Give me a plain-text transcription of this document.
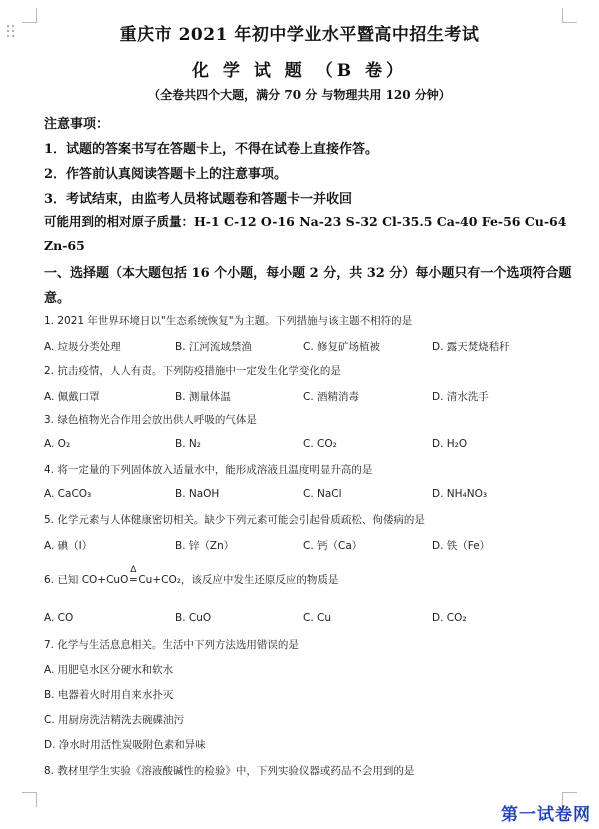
重庆市 2021 年初中学业水平暨高中招生考试
化 学 试 题 （B 卷）
（全卷共四个大题，满分 70 分 与物理共用 120 分钟）
注意事项：
1．试题的答案书写在答题卡上，不得在试卷上直接作答。
2．作答前认真阅读答题卡上的注意事项。
3．考试结束，由监考人员将试题卷和答题卡一并收回
可能用到的相对原子质量：H-1 C-12 O-16 Na-23 S-32 Cl-35.5 Ca-40 Fe-56 Cu-64
Zn-65
一、选择题（本大题包括 16 个小题，每小题 2 分，共 32 分）每小题只有一个选项符合题
意。
1. 2021 年世界环境日以"生态系统恢复"为主题。下列措施与该主题不相符的是
A. 垃圾分类处理	B. 江河流域禁渔	C. 修复矿场植被	D. 露天焚烧秸秆
2. 抗击疫情，人人有责。下列防疫措施中一定发生化学变化的是
A. 佩戴口罩	B. 测量体温	C. 酒精消毒	D. 清水洗手
3. 绿色植物光合作用会放出供人呼吸的气体是
A. O₂	B. N₂	C. CO₂	D. H₂O
4. 将一定量的下列固体放入适量水中，能形成溶液且温度明显升高的是
A. CaCO₃	B. NaOH	C. NaCl	D. NH₄NO₃
5. 化学元素与人体健康密切相关。缺少下列元素可能会引起骨质疏松、佝偻病的是
A. 碘（I）	B. 锌（Zn）	C. 钙（Ca）	D. 铁（Fe）
6. 已知 CO+CuO
Δ
=Cu+CO₂，该反应中发生还原反应的物质是
A. CO	B. CuO	C. Cu	D. CO₂
7. 化学与生活息息相关。生活中下列方法选用错误的是
A. 用肥皂水区分硬水和软水
B. 电器着火时用自来水扑灭
C. 用厨房洗洁精洗去碗碟油污
D. 净水时用活性炭吸附色素和异味
8. 教材里学生实验《溶液酸碱性的检验》中，下列实验仪器或药品不会用到的是
第一试卷网
